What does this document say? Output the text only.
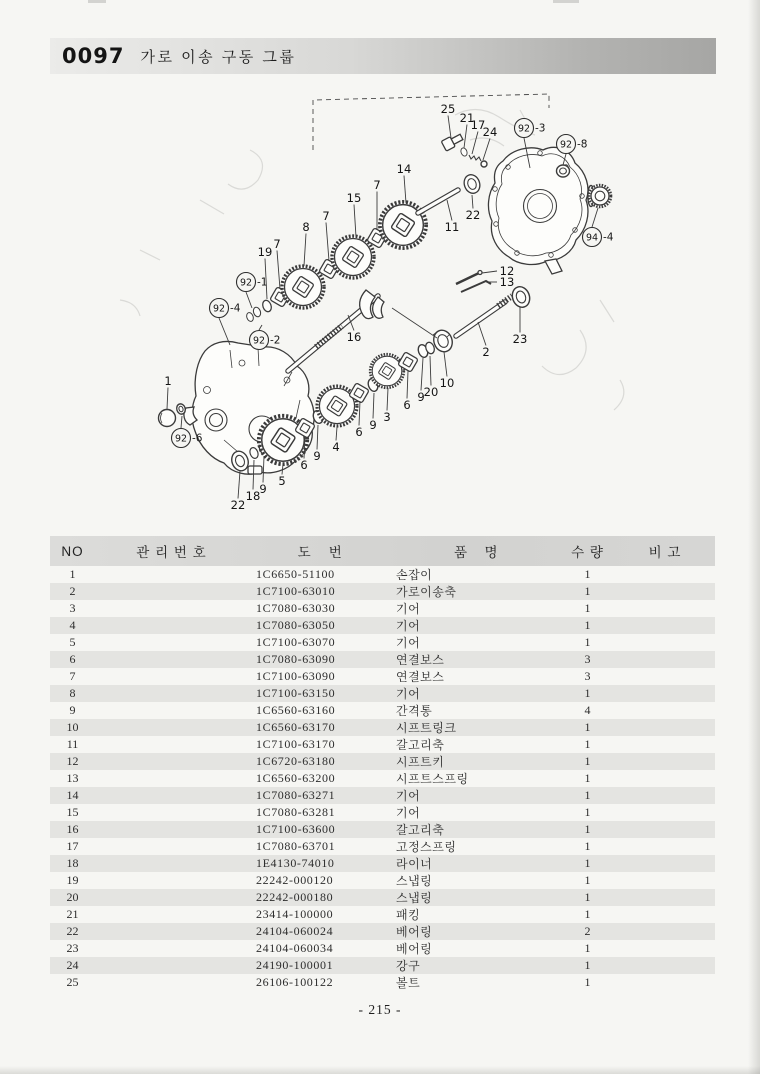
0097 가로 이송 구동 그룹
25
21
17
24 92 -3
92 -8
94 -4
14
22
11
15
7
7
8
7
19
92 -1
92 -4
92 -2	16
12
13
23
2
10
20
9
6
3
9
6
4
9
6
5
9
18
22
1
92 -6
NO	관 리 번 호	도    번	품    명	수 량	비 고
1	1C6650-51100	손잡이	1
2	1C7100-63010	가로이송축	1
3	1C7080-63030	기어	1
4	1C7080-63050	기어	1
5	1C7100-63070	기어	1
6	1C7080-63090	연결보스	3
7	1C7100-63090	연결보스	3
8	1C7100-63150	기어	1
9	1C6560-63160	간격통	4
10	1C6560-63170	시프트링크	1
11	1C7100-63170	갈고리축	1
12	1C6720-63180	시프트키	1
13	1C6560-63200	시프트스프링	1
14	1C7080-63271	기어	1
15	1C7080-63281	기어	1
16	1C7100-63600	갈고리축	1
17	1C7080-63701	고정스프링	1
18	1E4130-74010	라이너	1
19	22242-000120	스냅링	1
20	22242-000180	스냅링	1
21	23414-100000	패킹	1
22	24104-060024	베어링	2
23	24104-060034	베어링	1
24	24190-100001	강구	1
25	26106-100122	볼트	1
- 215 -
